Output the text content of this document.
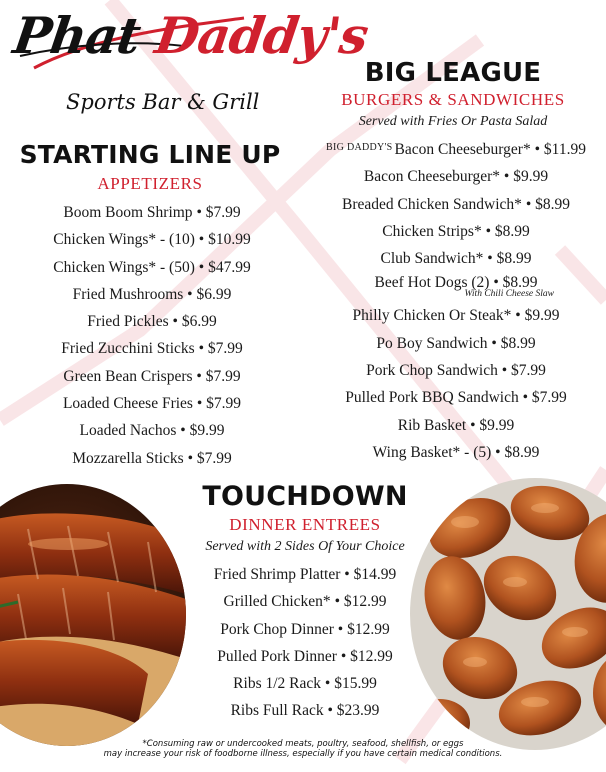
Phat Daddy's
Sports Bar & Grill
STARTING LINE UP
APPETIZERS
Boom Boom Shrimp • $7.99
Chicken Wings* - (10) • $10.99
Chicken Wings* - (50) • $47.99
Fried Mushrooms • $6.99
Fried Pickles • $6.99
Fried Zucchini Sticks • $7.99
Green Bean Crispers • $7.99
Loaded Cheese Fries • $7.99
Loaded Nachos • $9.99
Mozzarella Sticks • $7.99
BIG LEAGUE
BURGERS & SANDWICHES
Served with Fries Or Pasta Salad
$^{BIG DADDY'S}$ Bacon Cheeseburger* • $11.99
Bacon Cheeseburger* • $9.99
Breaded Chicken Sandwich* • $8.99
Chicken Strips* • $8.99
Club Sandwich* • $8.99
Beef Hot Dogs (2) • $8.99
With Chili Cheese Slaw
Philly Chicken Or Steak* • $9.99
Po Boy Sandwich • $8.99
Pork Chop Sandwich • $7.99
Pulled Pork BBQ Sandwich • $7.99
Rib Basket • $9.99
Wing Basket* - (5) • $8.99
TOUCHDOWN
DINNER ENTREES
Served with 2 Sides Of Your Choice
Fried Shrimp Platter • $14.99
Grilled Chicken* • $12.99
Pork Chop Dinner • $12.99
Pulled Pork Dinner • $12.99
Ribs 1/2 Rack • $15.99
Ribs Full Rack • $23.99
*Consuming raw or undercooked meats, poultry, seafood, shellfish, or eggs
may increase your risk of foodborne illness, especially if you have certain medical conditions.
